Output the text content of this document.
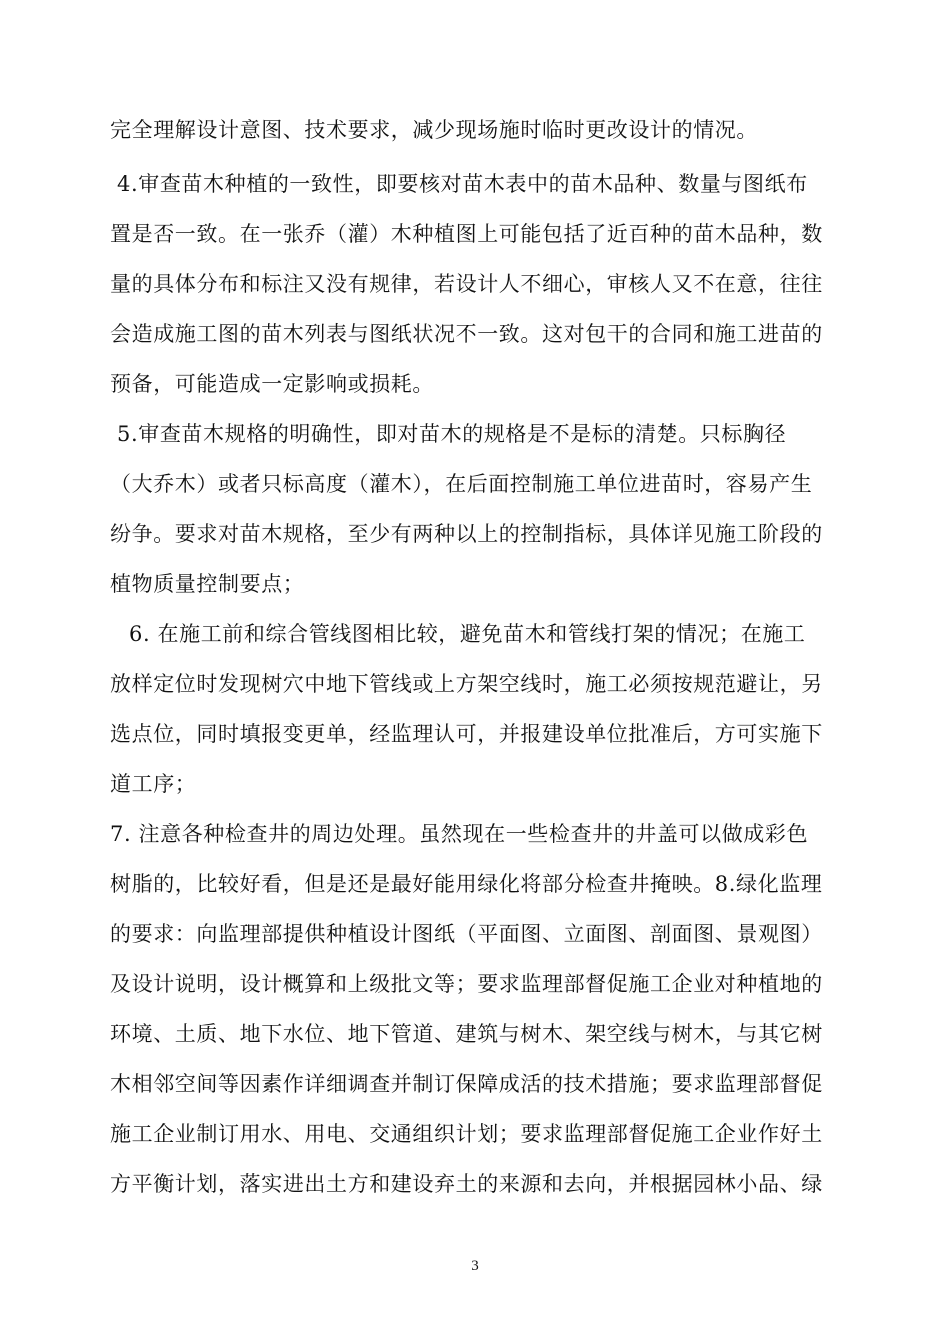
完全理解设计意图、技术要求，减少现场施时临时更改设计的情况。
4.审查苗木种植的一致性，即要核对苗木表中的苗木品种、数量与图纸布
置是否一致。在一张乔（灌）木种植图上可能包括了近百种的苗木品种，数
量的具体分布和标注又没有规律，若设计人不细心，审核人又不在意，往往
会造成施工图的苗木列表与图纸状况不一致。这对包干的合同和施工进苗的
预备，可能造成一定影响或损耗。
5.审查苗木规格的明确性，即对苗木的规格是不是标的清楚。只标胸径
（大乔木）或者只标高度（灌木），在后面控制施工单位进苗时，容易产生
纷争。要求对苗木规格，至少有两种以上的控制指标，具体详见施工阶段的
植物质量控制要点；
6. 在施工前和综合管线图相比较，避免苗木和管线打架的情况；在施工
放样定位时发现树穴中地下管线或上方架空线时，施工必须按规范避让，另
选点位，同时填报变更单，经监理认可，并报建设单位批准后，方可实施下
道工序；
7. 注意各种检查井的周边处理。虽然现在一些检查井的井盖可以做成彩色
树脂的，比较好看，但是还是最好能用绿化将部分检查井掩映。8.绿化监理
的要求：向监理部提供种植设计图纸（平面图、立面图、剖面图、景观图）
及设计说明，设计概算和上级批文等；要求监理部督促施工企业对种植地的
环境、土质、地下水位、地下管道、建筑与树木、架空线与树木，与其它树
木相邻空间等因素作详细调查并制订保障成活的技术措施；要求监理部督促
施工企业制订用水、用电、交通组织计划；要求监理部督促施工企业作好土
方平衡计划，落实进出土方和建设弃土的来源和去向，并根据园林小品、绿
3
